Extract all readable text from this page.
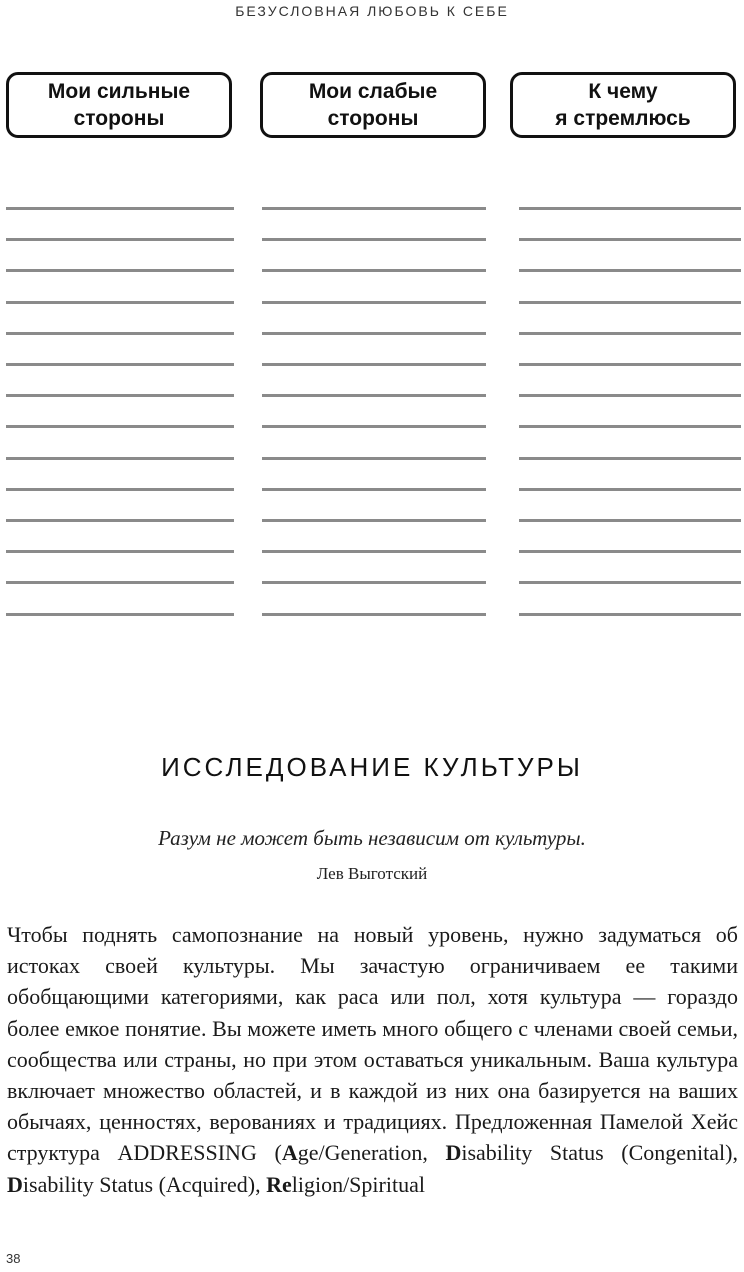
БЕЗУСЛОВНАЯ ЛЮБОВЬ К СЕБЕ
Мои сильные
стороны
Мои слабые
стороны
К чему
я стремлюсь
ИССЛЕДОВАНИЕ КУЛЬТУРЫ
Разум не может быть независим от культуры.
Лев Выготский
Чтобы поднять самопознание на новый уровень, нужно задуматься об истоках своей культуры. Мы зачастую ограничиваем ее такими обобщающими категориями, как раса или пол, хотя культура — гораздо более емкое понятие. Вы можете иметь много общего с членами своей семьи, сообщества или страны, но при этом оставаться уникальным. Ваша культура включает множество областей, и в каждой из них она базируется на ваших обычаях, ценностях, верованиях и традициях. Предложенная Памелой Хейс структура ADDRESSING (Age/Generation, Disability Status (Congenital), Disability Status (Acquired), Religion/Spiritual
38
